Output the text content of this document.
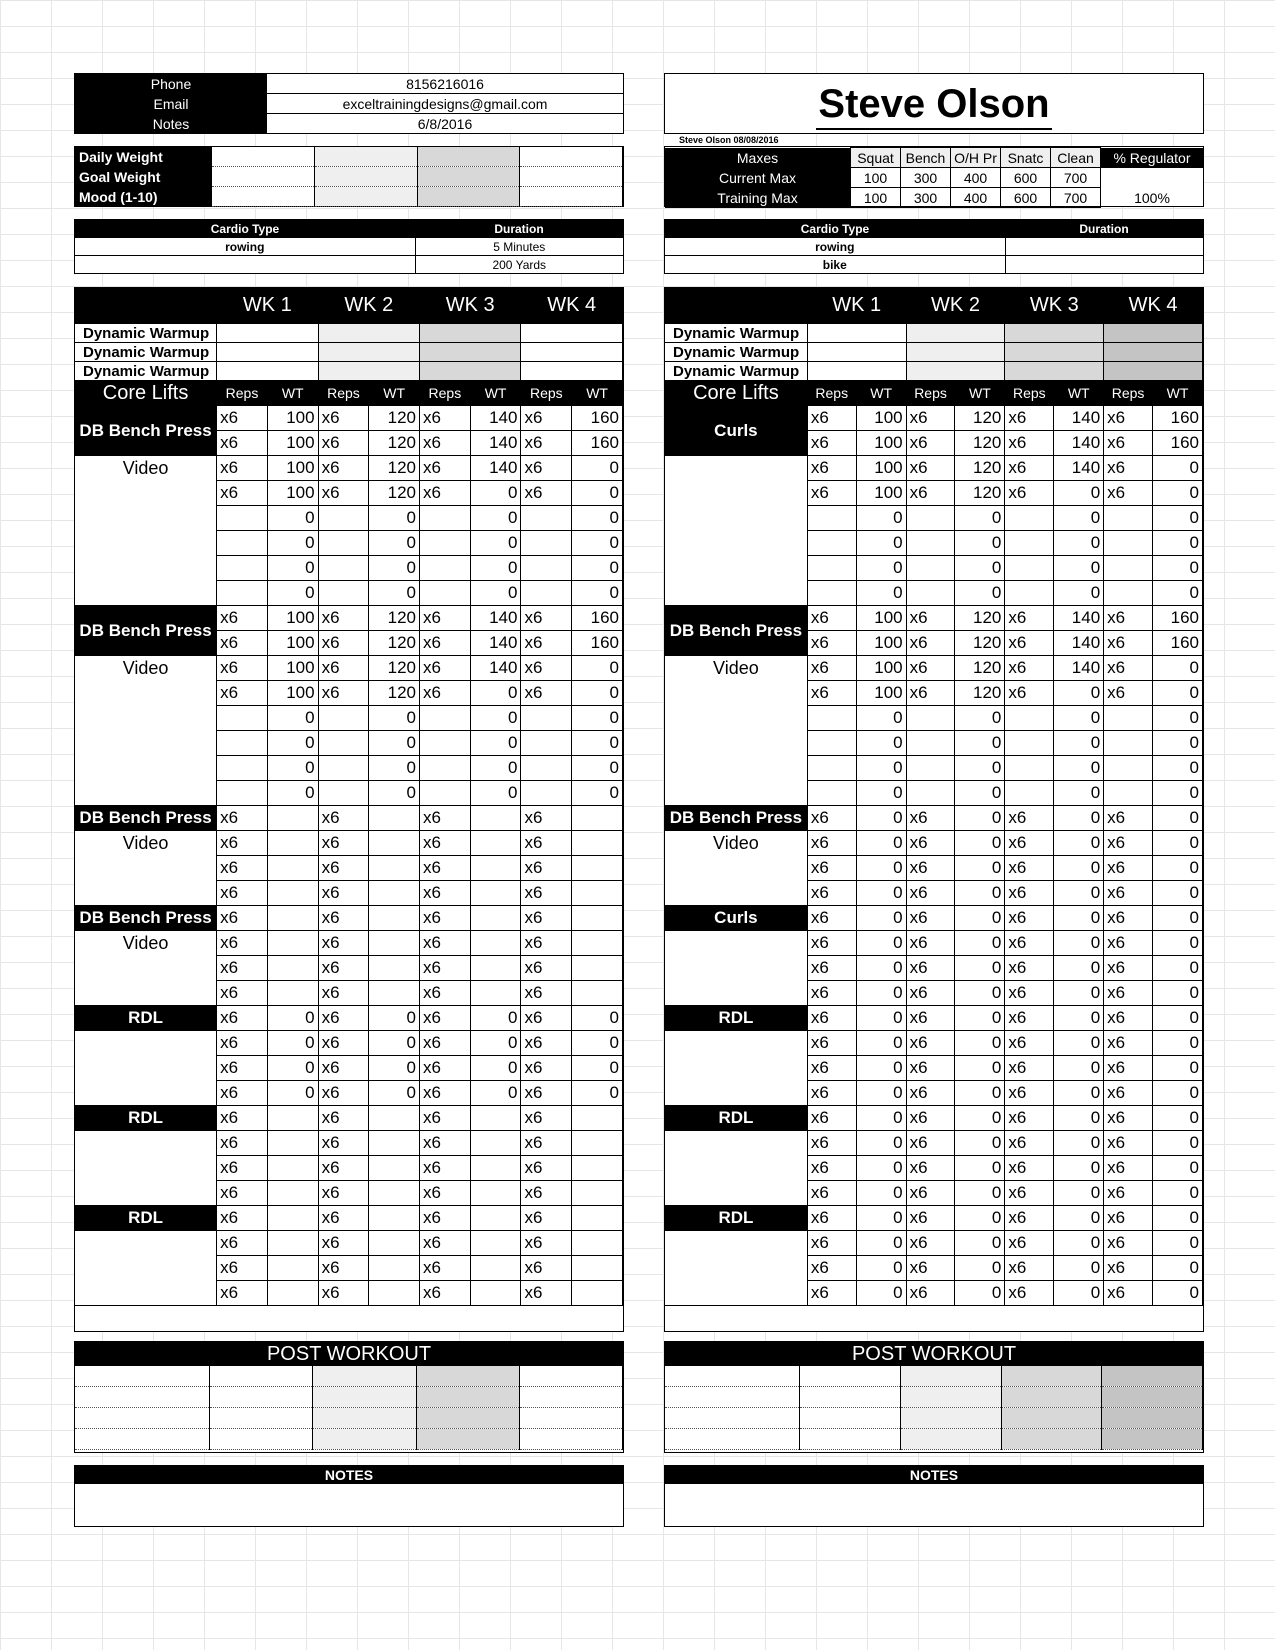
Phone	8156216016
Email	exceltrainingdesigns@gmail.com
Notes	6/8/2016
Daily Weight				
Goal Weight				
Mood (1-10)				
Cardio Type	Duration
rowing	5 Minutes
	200 Yards
	WK 1		WK 2		WK 3		WK 4	
Dynamic Warmup								
Dynamic Warmup								
Dynamic Warmup								
Core Lifts	Reps	WT	Reps	WT	Reps	WT	Reps	WT
DB Bench Press	x6	100	x6	120	x6	140	x6	160
	x6	100	x6	120	x6	140	x6	160
Video	x6	100	x6	120	x6	140	x6	0
	x6	100	x6	120	x6	0	x6	0
		0		0		0		0
		0		0		0		0
		0		0		0		0
		0		0		0		0
DB Bench Press	x6	100	x6	120	x6	140	x6	160
	x6	100	x6	120	x6	140	x6	160
Video	x6	100	x6	120	x6	140	x6	0
	x6	100	x6	120	x6	0	x6	0
		0		0		0		0
		0		0		0		0
		0		0		0		0
		0		0		0		0
DB Bench Press	x6		x6		x6		x6	
Video	x6		x6		x6		x6	
	x6		x6		x6		x6	
	x6		x6		x6		x6	
DB Bench Press	x6		x6		x6		x6	
Video	x6		x6		x6		x6	
	x6		x6		x6		x6	
	x6		x6		x6		x6	
RDL	x6	0	x6	0	x6	0	x6	0
	x6	0	x6	0	x6	0	x6	0
	x6	0	x6	0	x6	0	x6	0
	x6	0	x6	0	x6	0	x6	0
RDL	x6		x6		x6		x6	
	x6		x6		x6		x6	
	x6		x6		x6		x6	
	x6		x6		x6		x6	
RDL	x6		x6		x6		x6	
	x6		x6		x6		x6	
	x6		x6		x6		x6	
	x6		x6		x6		x6	
POST WORKOUT

NOTES
Steve Olson
Steve Olson 08/08/2016
Maxes	Squat	Bench	O/H Pr	Snatc	Clean	% Regulator
Current Max	100	300	400	600	700	
Training Max	100	300	400	600	700	100%
Cardio Type	Duration
rowing	
bike	
	WK 1		WK 2		WK 3		WK 4	
Dynamic Warmup								
Dynamic Warmup								
Dynamic Warmup								
Core Lifts	Reps	WT	Reps	WT	Reps	WT	Reps	WT
Curls	x6	100	x6	120	x6	140	x6	160
	x6	100	x6	120	x6	140	x6	160
	x6	100	x6	120	x6	140	x6	0
	x6	100	x6	120	x6	0	x6	0
		0		0		0		0
		0		0		0		0
		0		0		0		0
		0		0		0		0
DB Bench Press	x6	100	x6	120	x6	140	x6	160
	x6	100	x6	120	x6	140	x6	160
Video	x6	100	x6	120	x6	140	x6	0
	x6	100	x6	120	x6	0	x6	0
		0		0		0		0
		0		0		0		0
		0		0		0		0
		0		0		0		0
DB Bench Press	x6	0	x6	0	x6	0	x6	0
Video	x6	0	x6	0	x6	0	x6	0
	x6	0	x6	0	x6	0	x6	0
	x6	0	x6	0	x6	0	x6	0
Curls	x6	0	x6	0	x6	0	x6	0
	x6	0	x6	0	x6	0	x6	0
	x6	0	x6	0	x6	0	x6	0
	x6	0	x6	0	x6	0	x6	0
RDL	x6	0	x6	0	x6	0	x6	0
	x6	0	x6	0	x6	0	x6	0
	x6	0	x6	0	x6	0	x6	0
	x6	0	x6	0	x6	0	x6	0
RDL	x6	0	x6	0	x6	0	x6	0
	x6	0	x6	0	x6	0	x6	0
	x6	0	x6	0	x6	0	x6	0
	x6	0	x6	0	x6	0	x6	0
RDL	x6	0	x6	0	x6	0	x6	0
	x6	0	x6	0	x6	0	x6	0
	x6	0	x6	0	x6	0	x6	0
	x6	0	x6	0	x6	0	x6	0
POST WORKOUT

NOTES
